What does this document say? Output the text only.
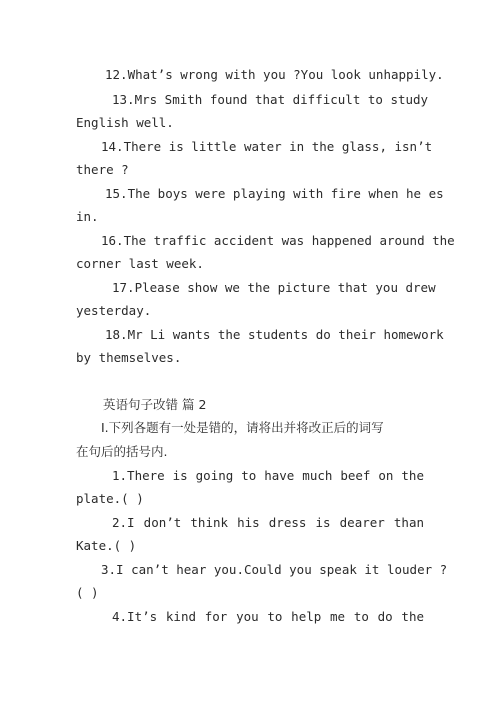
12.What’s wrong with you ?You look unhappily.
13.Mrs Smith found that difficult to study
English well.
14.There is little water in the glass, isn’t
there ?
15.The boys were playing with fire when he es
in.
16.The traffic accident was happened around the
corner last week.
17.Please show we the picture that you drew
yesterday.
18.Mr Li wants the students do their homework
by themselves.
英语句子改错 篇 2
Ⅰ.下列各题有一处是错的，请将出并将改正后的词写
在句后的括号内.
1.There is going to have much beef on the
plate.( )
2.I don’t think his dress is dearer than
Kate.( )
3.I can’t hear you.Could you speak it louder ?
( )
4.It’s kind for you to help me to do the
